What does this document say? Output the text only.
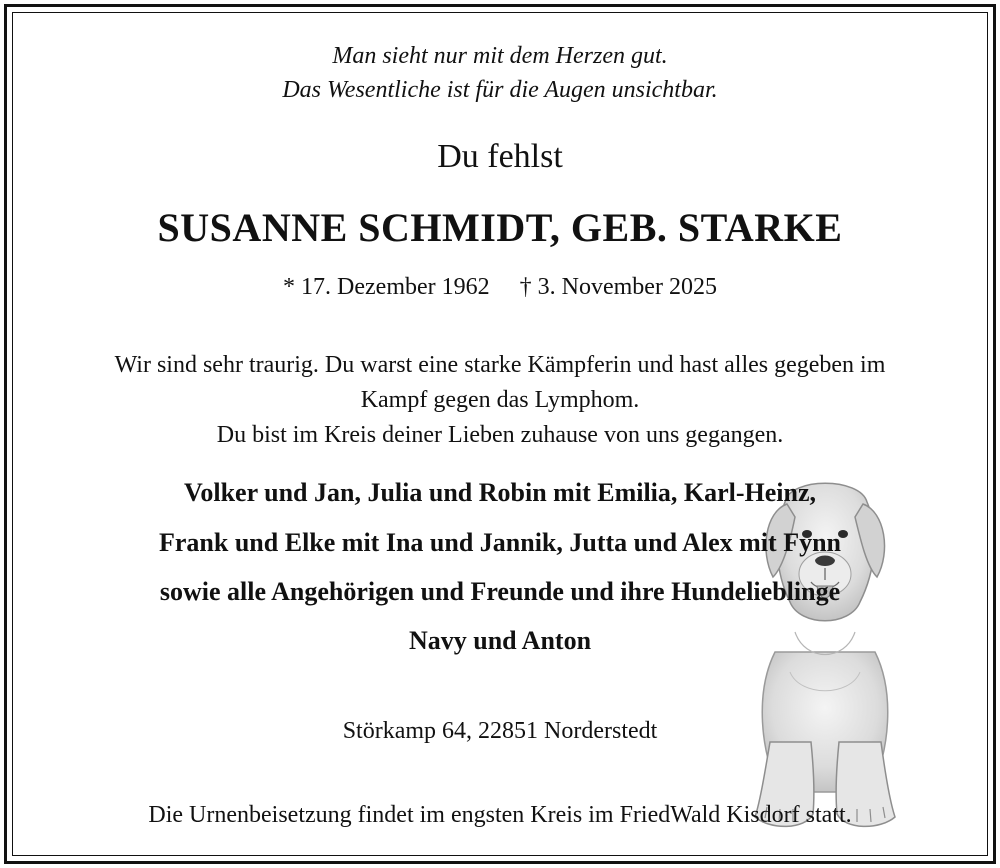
Man sieht nur mit dem Herzen gut.

Das Wesentliche ist für die Augen unsichtbar.

Du fehlst

SUSANNE SCHMIDT, GEB. STARKE

* 17. Dezember 1962 † 3. November 2025

Wir sind sehr traurig. Du warst eine starke Kämpferin und hast alles gegeben im

Kampf gegen das Lymphom.

Du bist im Kreis deiner Lieben zuhause von uns gegangen.

Volker und Jan, Julia und Robin mit Emilia, Karl-Heinz,

Frank und Elke mit Ina und Jannik, Jutta und Alex mit Fynn

sowie alle Angehörigen und Freunde und ihre Hundelieblinge

Navy und Anton

Störkamp 64, 22851 Norderstedt

Die Urnenbeisetzung findet im engsten Kreis im FriedWald Kisdorf statt.
